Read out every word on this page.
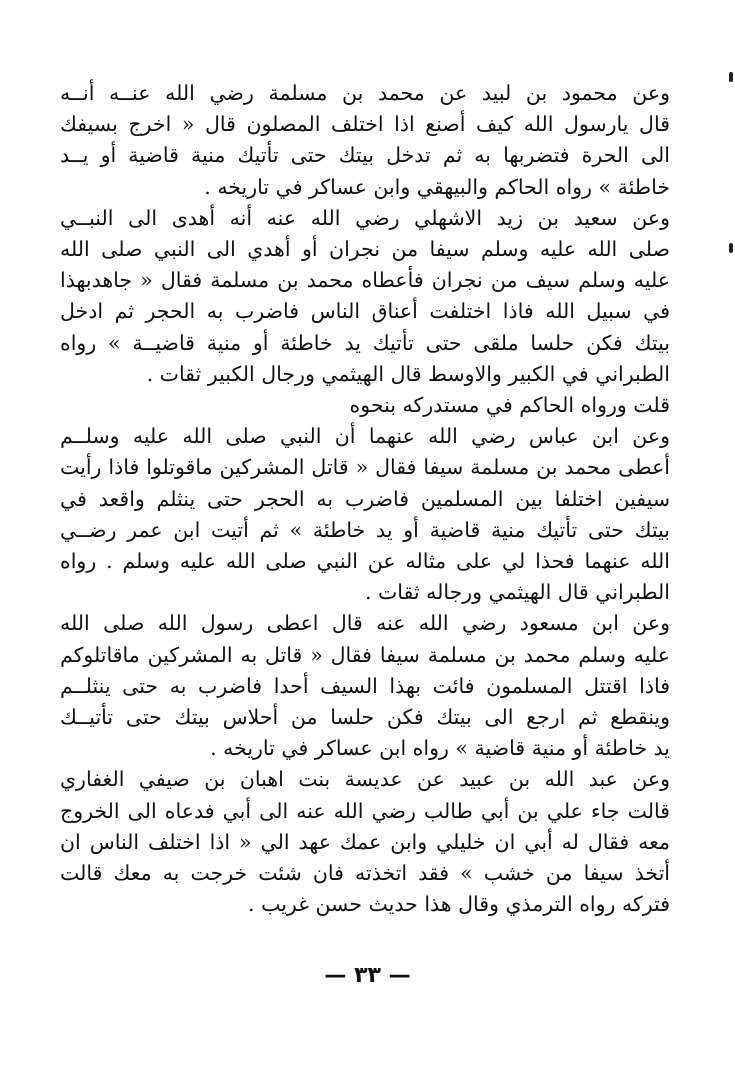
وعن محمود بن لبيد عن محمد بن مسلمة رضي الله عنــه أنــه
قال يارسول الله كيف أصنع اذا اختلف المصلون قال « اخرج بسيفك
الى الحرة فتضربها به ثم تدخل بيتك حتى تأتيك منية قاضية أو يــد
خاطئة » رواه الحاكم والبيهقي وابن عساكر في تاريخه .
وعن سعيد بن زيد الاشهلي رضي الله عنه أنه أهدى الى النبــي
صلى الله عليه وسلم سيفا من نجران أو أهدي الى النبي صلى الله
عليه وسلم سيف من نجران فأعطاه محمد بن مسلمة فقال « جاهدبهذا
في سبيل الله فاذا اختلفت أعناق الناس فاضرب به الحجر ثم ادخل
بيتك فكن حلسا ملقى حتى تأتيك يد خاطئة أو منية قاضيــة » رواه
الطبراني في الكبير والاوسط قال الهيثمي ورجال الكبير ثقات .
قلت ورواه الحاكم في مستدركه بنحوه
وعن ابن عباس رضي الله عنهما أن النبي صلى الله عليه وسلــم
أعطى محمد بن مسلمة سيفا فقال « قاتل المشركين ماقوتلوا فاذا رأيت
سيفين اختلفا بين المسلمين فاضرب به الحجر حتى ينثلم واقعد في
بيتك حتى تأتيك منية قاضية أو يد خاطئة » ثم أتيت ابن عمر رضــي
الله عنهما فحذا لي على مثاله عن النبي صلى الله عليه وسلم . رواه
الطبراني قال الهيثمي ورجاله ثقات .
وعن ابن مسعود رضي الله عنه قال اعطى رسول الله صلى الله
عليه وسلم محمد بن مسلمة سيفا فقال « قاتل به المشركين ماقاتلوكم
فاذا اقتتل المسلمون فائت بهذا السيف أحدا فاضرب به حتى ينثلــم
وينقطع ثم ارجع الى بيتك فكن حلسا من أحلاس بيتك حتى تأتيــك
يد خاطئة أو منية قاضية » رواه ابن عساكر في تاريخه .
وعن عبد الله بن عبيد عن عديسة بنت اهبان بن صيفي الغفاري
قالت جاء علي بن أبي طالب رضي الله عنه الى أبي فدعاه الى الخروج
معه فقال له أبي ان خليلي وابن عمك عهد الي « اذا اختلف الناس ان
أتخذ سيفا من خشب » فقد اتخذته فان شئت خرجت به معك قالت
فتركه رواه الترمذي وقال هذا حديث حسن غريب .
— ٣٣ —
